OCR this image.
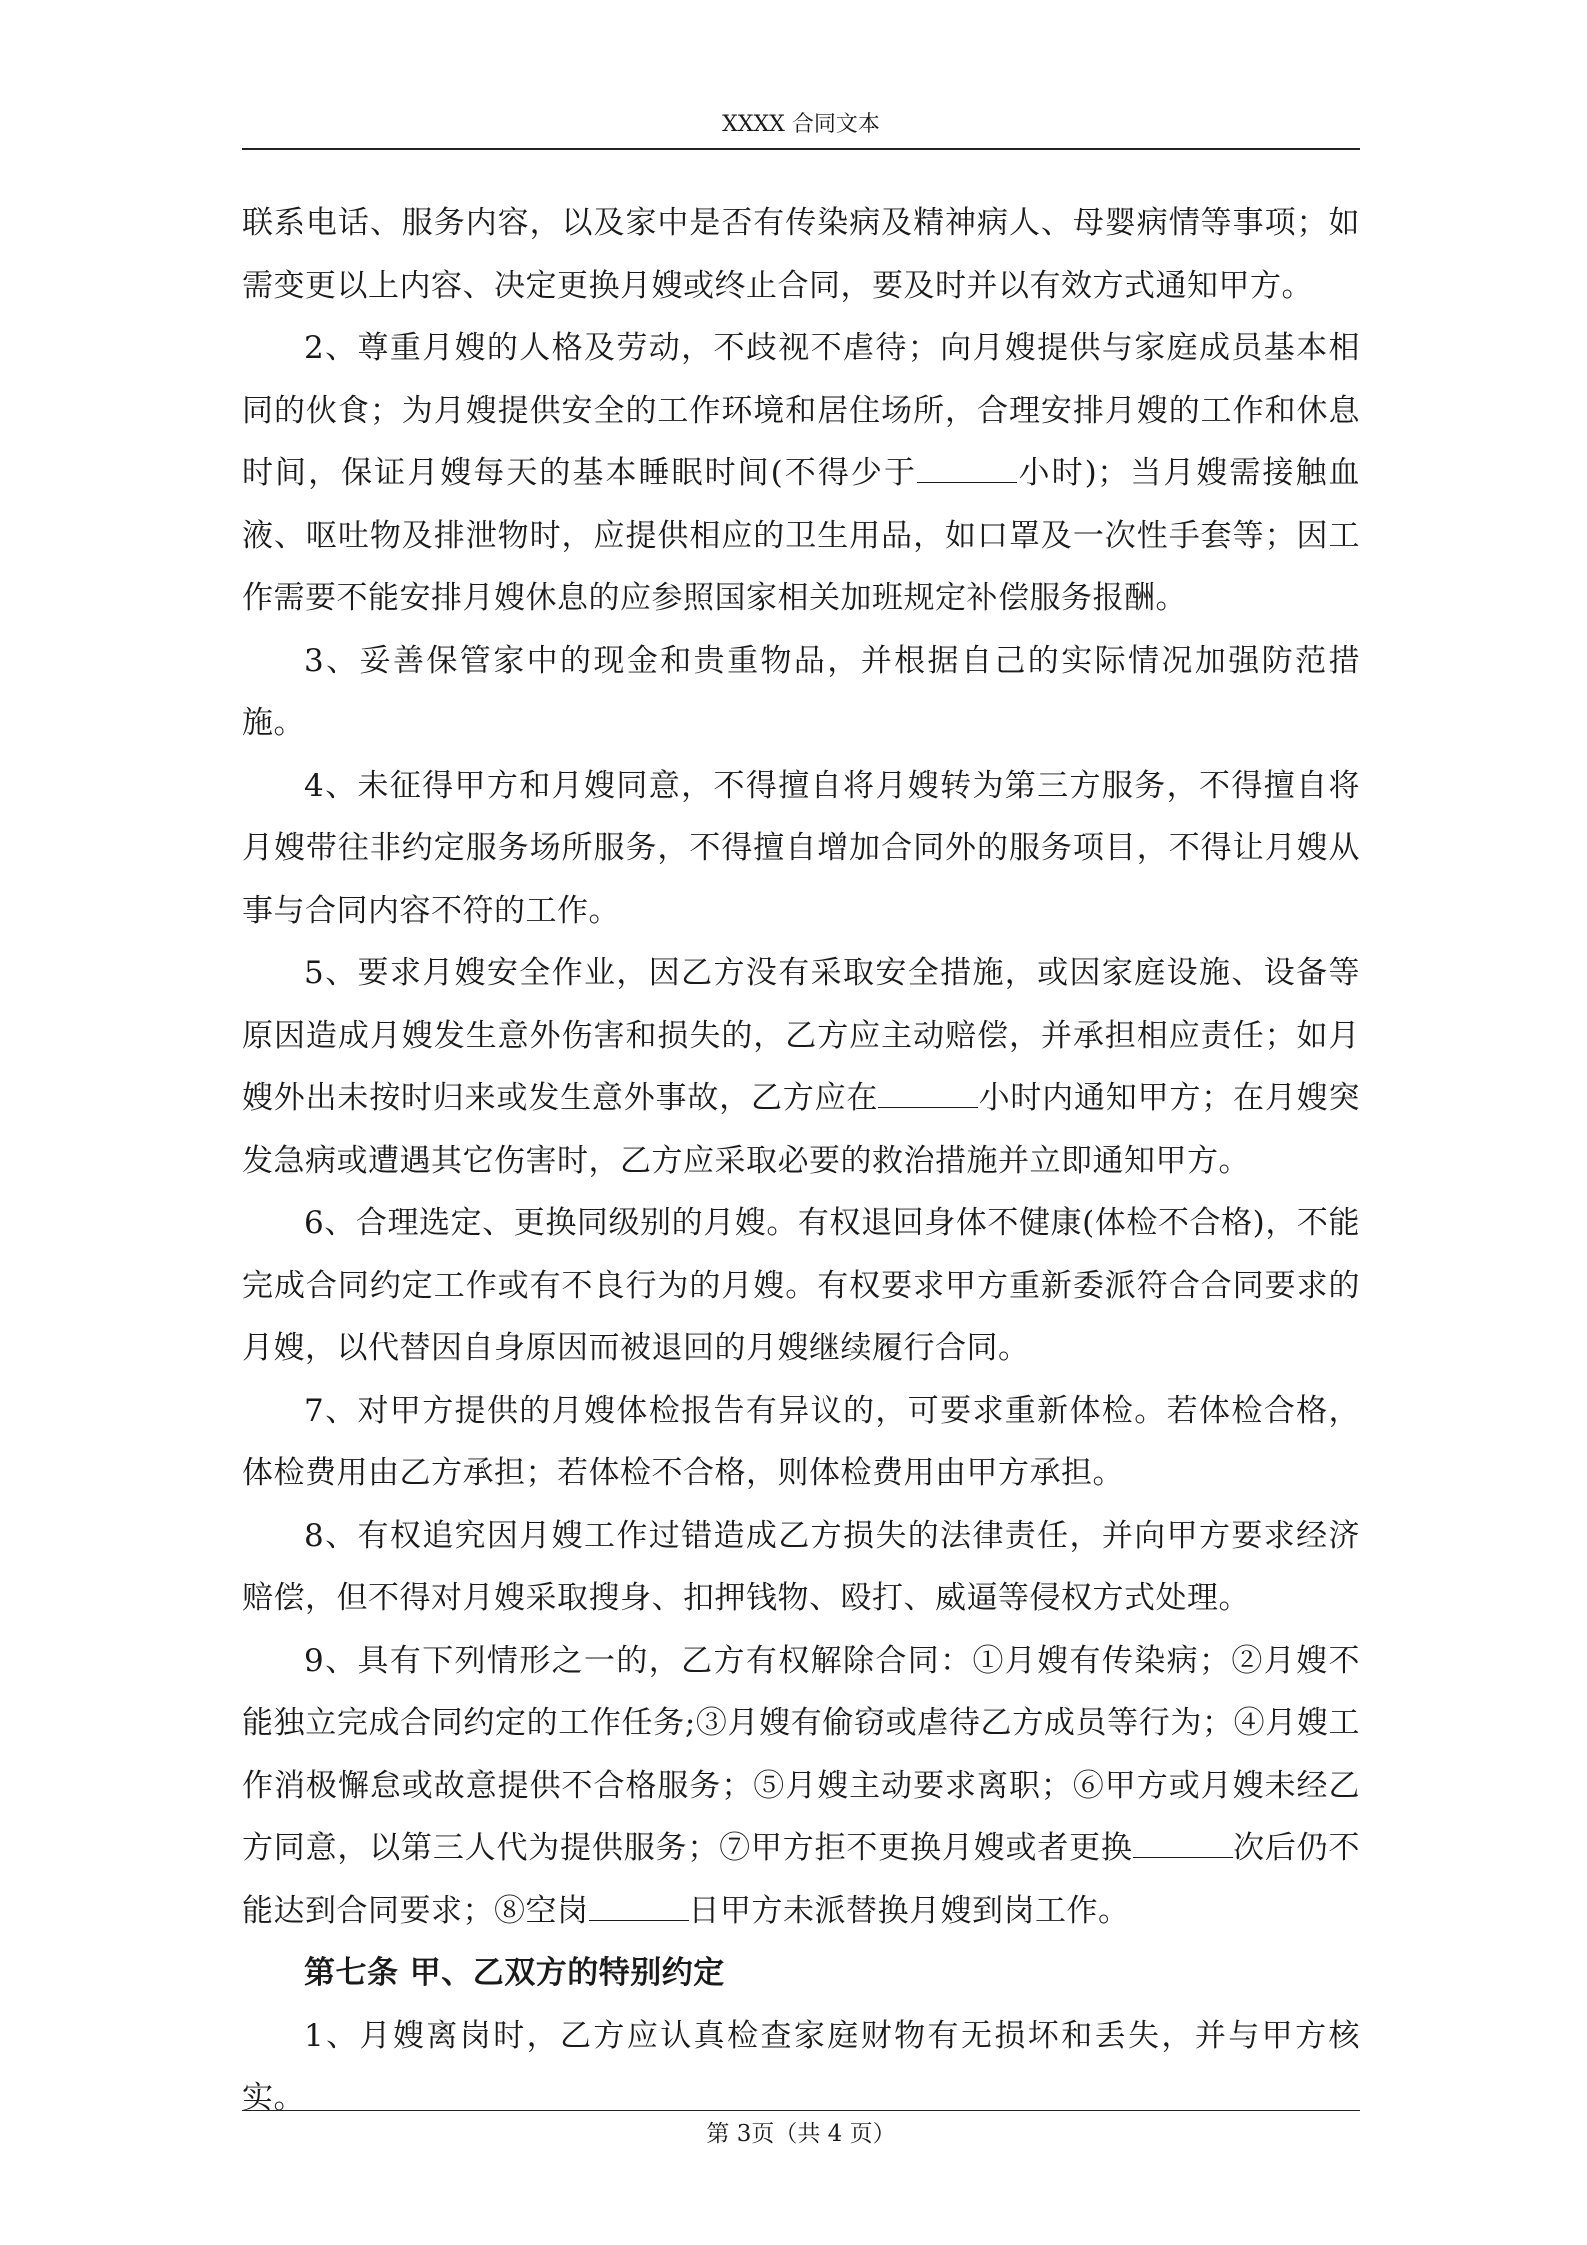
XXXX 合同文本

联系电话、服务内容，以及家中是否有传染病及精神病人、母婴病情等事项；如需变更以上内容、决定更换月嫂或终止合同，要及时并以有效方式通知甲方。

2、尊重月嫂的人格及劳动，不歧视不虐待；向月嫂提供与家庭成员基本相同的伙食；为月嫂提供安全的工作环境和居住场所，合理安排月嫂的工作和休息时间，保证月嫂每天的基本睡眠时间(不得少于	小时)；当月嫂需接触血液、呕吐物及排泄物时，应提供相应的卫生用品，如口罩及一次性手套等；因工作需要不能安排月嫂休息的应参照国家相关加班规定补偿服务报酬。

3、妥善保管家中的现金和贵重物品，并根据自己的实际情况加强防范措施。

4、未征得甲方和月嫂同意，不得擅自将月嫂转为第三方服务，不得擅自将月嫂带往非约定服务场所服务，不得擅自增加合同外的服务项目，不得让月嫂从事与合同内容不符的工作。

5、要求月嫂安全作业，因乙方没有采取安全措施，或因家庭设施、设备等原因造成月嫂发生意外伤害和损失的，乙方应主动赔偿，并承担相应责任；如月嫂外出未按时归来或发生意外事故，乙方应在	小时内通知甲方；在月嫂突发急病或遭遇其它伤害时，乙方应采取必要的救治措施并立即通知甲方。

6、合理选定、更换同级别的月嫂。有权退回身体不健康(体检不合格)，不能完成合同约定工作或有不良行为的月嫂。有权要求甲方重新委派符合合同要求的月嫂，以代替因自身原因而被退回的月嫂继续履行合同。

7、对甲方提供的月嫂体检报告有异议的，可要求重新体检。若体检合格，体检费用由乙方承担；若体检不合格，则体检费用由甲方承担。

8、有权追究因月嫂工作过错造成乙方损失的法律责任，并向甲方要求经济赔偿，但不得对月嫂采取搜身、扣押钱物、殴打、威逼等侵权方式处理。

9、具有下列情形之一的，乙方有权解除合同：①月嫂有传染病；②月嫂不能独立完成合同约定的工作任务;③月嫂有偷窃或虐待乙方成员等行为；④月嫂工作消极懈怠或故意提供不合格服务；⑤月嫂主动要求离职；⑥甲方或月嫂未经乙方同意，以第三人代为提供服务；⑦甲方拒不更换月嫂或者更换	次后仍不能达到合同要求；⑧空岗	日甲方未派替换月嫂到岗工作。

第七条 甲、乙双方的特别约定

1、月嫂离岗时，乙方应认真检查家庭财物有无损坏和丢失，并与甲方核实。

第 3页（共 4 页）
